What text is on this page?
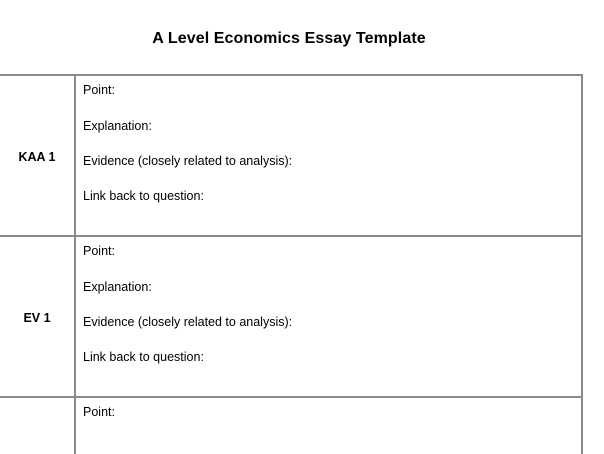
A Level Economics Essay Template
KAA 1
Point:
Explanation:
Evidence (closely related to analysis):
Link back to question:
EV 1
Point:
Explanation:
Evidence (closely related to analysis):
Link back to question:
Point:
